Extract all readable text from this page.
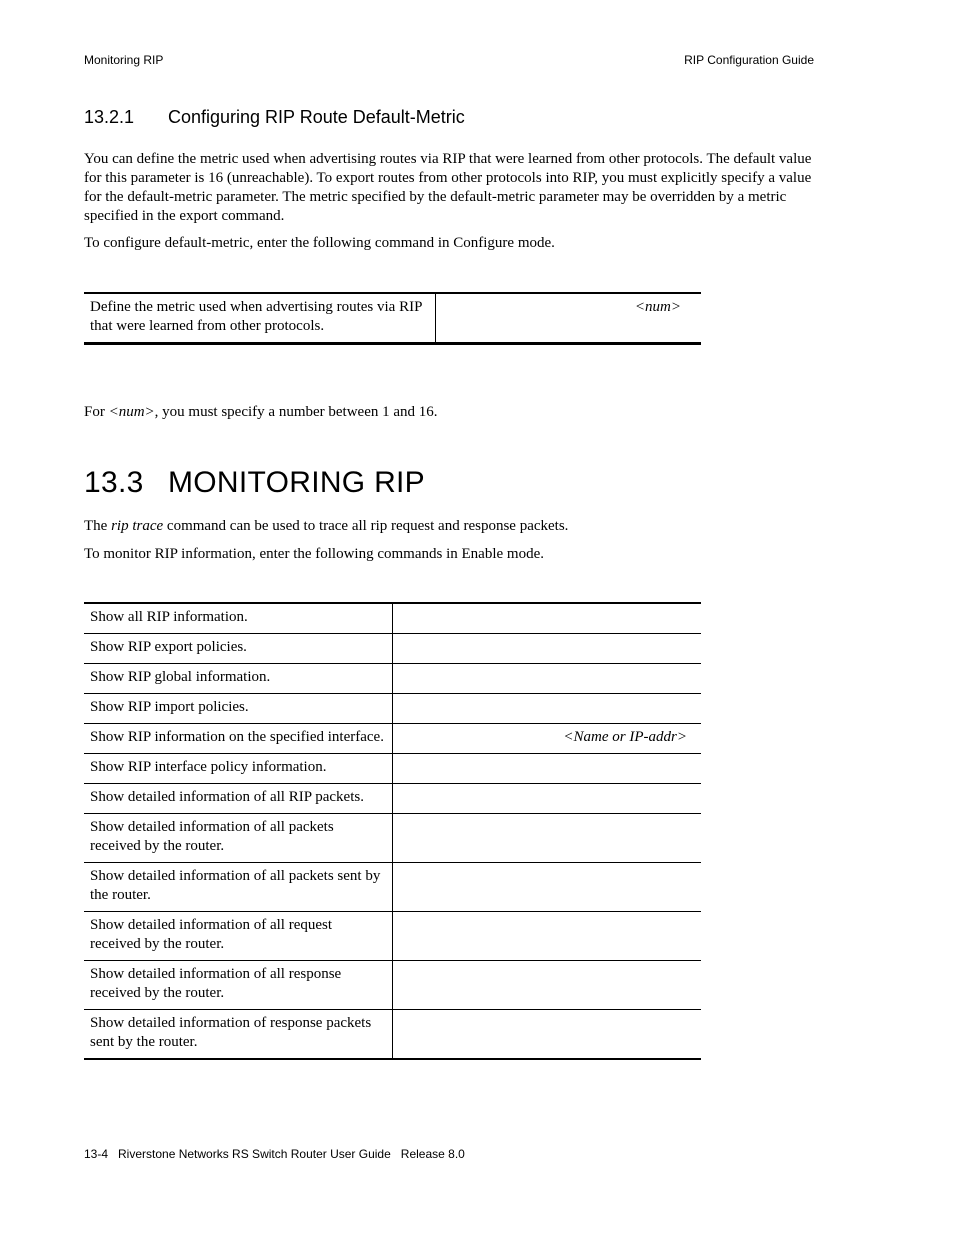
Monitoring RIP	RIP Configuration Guide
13.2.1 Configuring RIP Route Default-Metric

You can define the metric used when advertising routes via RIP that were learned from other protocols. The default value for this parameter is 16 (unreachable). To export routes from other protocols into RIP, you must explicitly specify a value for the default-metric parameter. The metric specified by the default-metric parameter may be overridden by a metric specified in the export command.

To configure default-metric, enter the following command in Configure mode.

Define the metric used when advertising routes via RIP that were learned from other protocols.	<num>

For <num>, you must specify a number between 1 and 16.

13.3 MONITORING RIP

The rip trace command can be used to trace all rip request and response packets.

To monitor RIP information, enter the following commands in Enable mode.

Show all RIP information.	
Show RIP export policies.	
Show RIP global information.	
Show RIP import policies.	
Show RIP information on the specified interface.	<Name or IP-addr>
Show RIP interface policy information.	
Show detailed information of all RIP packets.	
Show detailed information of all packets received by the router.	
Show detailed information of all packets sent by the router.	
Show detailed information of all request received by the router.	
Show detailed information of all response received by the router.	
Show detailed information of response packets sent by the router.	
13-4   Riverstone Networks RS Switch Router User Guide   Release 8.0
